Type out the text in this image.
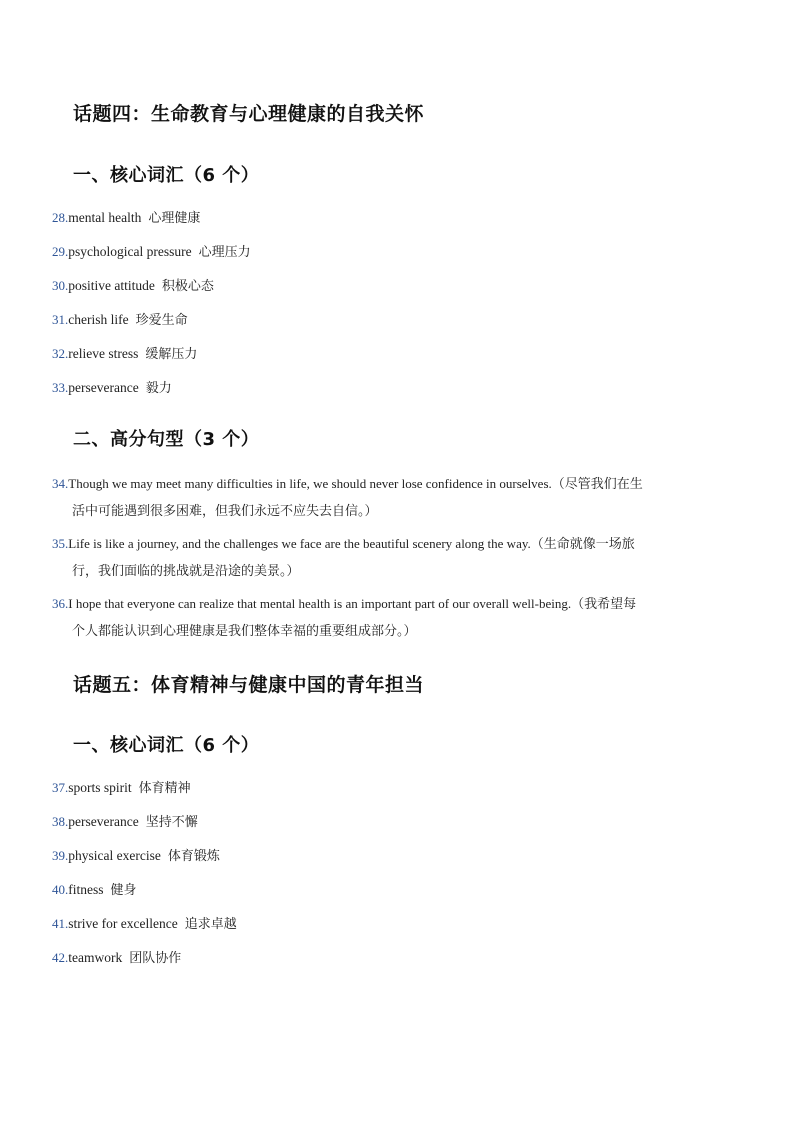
话题四：生命教育与心理健康的自我关怀
一、核心词汇（6 个）
28.mental health 心理健康
29.psychological pressure 心理压力
30.positive attitude 积极心态
31.cherish life 珍爱生命
32.relieve stress 缓解压力
33.perseverance 毅力
二、高分句型（3 个）
34.Though we may meet many difficulties in life, we should never lose confidence in ourselves.（尽管我们在生
活中可能遇到很多困难，但我们永远不应失去自信。）
35.Life is like a journey, and the challenges we face are the beautiful scenery along the way.（生命就像一场旅
行，我们面临的挑战就是沿途的美景。）
36.I hope that everyone can realize that mental health is an important part of our overall well-being.（我希望每
个人都能认识到心理健康是我们整体幸福的重要组成部分。）
话题五：体育精神与健康中国的青年担当
一、核心词汇（6 个）
37.sports spirit 体育精神
38.perseverance 坚持不懈
39.physical exercise 体育锻炼
40.fitness 健身
41.strive for excellence 追求卓越
42.teamwork 团队协作
